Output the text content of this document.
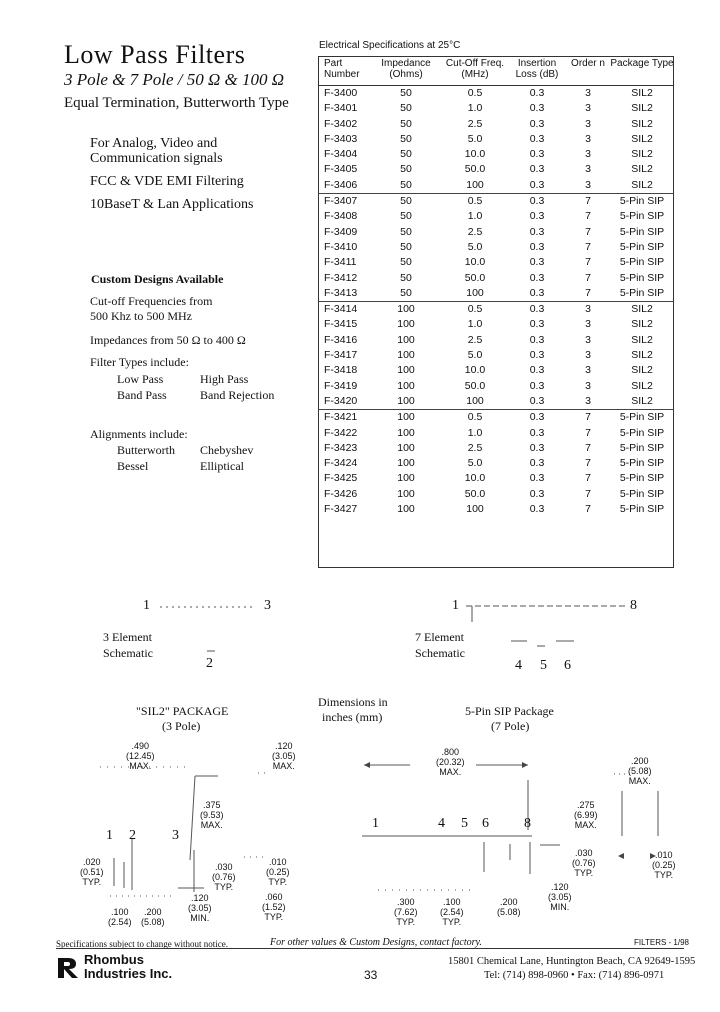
Low Pass Filters
3 Pole & 7 Pole / 50 Ω & 100 Ω
Equal Termination, Butterworth Type
For Analog, Video and
Communication signals
FCC & VDE EMI Filtering
10BaseT & Lan Applications
Custom Designs Available
Cut-off Frequencies from
500 Khz to 500 MHz
Impedances from 50 Ω to 400 Ω
Filter Types include:
Low Pass	High Pass
Band Pass	Band Rejection
Alignments include:
Butterworth Chebyshev
Bessel	Elliptical
Electrical Specifications at 25°C
Part Number	Impedance (Ohms)	Cut-Off Freq. (MHz)	Insertion Loss (dB)	Order n	Package Type
F-3400	50	0.5	0.3	3	SIL2
F-3401	50	1.0	0.3	3	SIL2
F-3402	50	2.5	0.3	3	SIL2
F-3403	50	5.0	0.3	3	SIL2
F-3404	50	10.0	0.3	3	SIL2
F-3405	50	50.0	0.3	3	SIL2
F-3406	50	100	0.3	3	SIL2
F-3407	50	0.5	0.3	7	5-Pin SIP
F-3408	50	1.0	0.3	7	5-Pin SIP
F-3409	50	2.5	0.3	7	5-Pin SIP
F-3410	50	5.0	0.3	7	5-Pin SIP
F-3411	50	10.0	0.3	7	5-Pin SIP
F-3412	50	50.0	0.3	7	5-Pin SIP
F-3413	50	100	0.3	7	5-Pin SIP
F-3414	100	0.5	0.3	3	SIL2
F-3415	100	1.0	0.3	3	SIL2
F-3416	100	2.5	0.3	3	SIL2
F-3417	100	5.0	0.3	3	SIL2
F-3418	100	10.0	0.3	3	SIL2
F-3419	100	50.0	0.3	3	SIL2
F-3420	100	100	0.3	3	SIL2
F-3421	100	0.5	0.3	7	5-Pin SIP
F-3422	100	1.0	0.3	7	5-Pin SIP
F-3423	100	2.5	0.3	7	5-Pin SIP
F-3424	100	5.0	0.3	7	5-Pin SIP
F-3425	100	10.0	0.3	7	5-Pin SIP
F-3426	100	50.0	0.3	7	5-Pin SIP
F-3427	100	100	0.3	7	5-Pin SIP
1	3
2
3 Element
Schematic
1	8
4 5 6
7 Element
Schematic
"SIL2" PACKAGE
(3 Pole)
Dimensions in
inches (mm)	5-Pin SIP Package
(7 Pole)
.490
(12.45)
MAX.
.120
(3.05)
MAX.
.375
(9.53)
MAX.
.020
(0.51)
TYP.
.030
(0.76)
TYP.
.010
(0.25)
TYP.
.120
(3.05)
MIN.
.100
(2.54)
.200
(5.08)
.060
(1.52)
TYP.
1 2	3
.800
(20.32)
MAX.
.200
(5.08)
MAX.
.275
(6.99)
MAX.
.030
(0.76)
TYP.
.010
(0.25)
TYP.
.120
(3.05)
MIN.
.300
(7.62)
TYP.
.100
(2.54)
TYP.
.200
(5.08)
1	4 5 6	8
Specifications subject to change without notice.	For other values & Custom Designs, contact factory.	FILTERS - 1/98
Rhombus
Industries Inc.	33
15801 Chemical Lane, Huntington Beach, CA 92649-1595
Tel: (714) 898-0960 • Fax: (714) 896-0971
